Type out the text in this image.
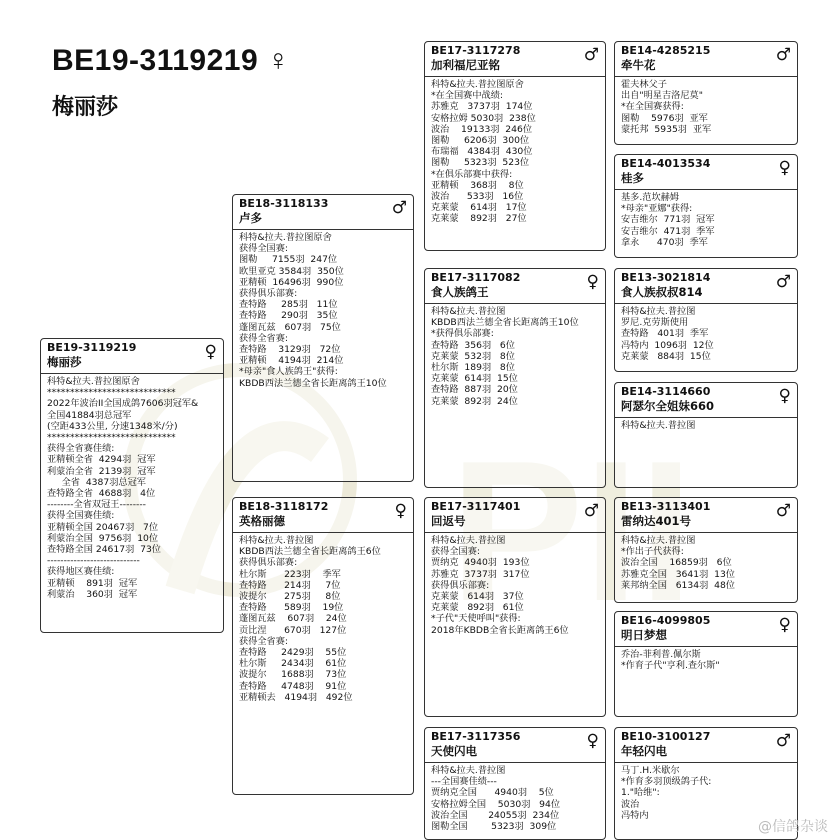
BE19-3119219 ♀
梅丽莎
BE19-3119219
梅丽莎	♀
科特&拉夫.普拉图原舍
****************************
2022年波治II全国成鸽7606羽冠军&
全国41884羽总冠军
(空距433公里, 分速1348米/分)
****************************
获得全省赛佳绩:
亚精顿全省  4294羽  冠军
利蒙治全省  2139羽  冠军
全省  4387羽总冠军
查特路全省  4688羽   4位
--------全省双冠王--------
获得全国赛佳绩:
亚精顿全国 20467羽   7位
利蒙治全国  9756羽  10位
查特路全国 24617羽  73位
----------------------------
获得地区赛佳绩:
亚精顿    891羽  冠军
利蒙治    360羽  冠军
BE18-3118133
卢多	♂
科特&拉夫.普拉图原舍
获得全国赛:
图勒     7155羽  247位
欧里亚克 3584羽  350位
亚精顿  16496羽  990位
获得俱乐部赛:
查特路     285羽   11位
查特路     290羽   35位
蓬图瓦兹   607羽   75位
获得全省赛:
查特路    3129羽   72位
亚精顿    4194羽  214位
*母亲"食人族鸽王"获得:
KBDB西法兰德全省长距离鸽王10位
BE18-3118172
英格丽德	♀
科特&拉夫.普拉图
KBDB西法兰德全省长距离鸽王6位
获得俱乐部赛:
杜尔斯      223羽    季军
查特路      214羽     7位
波提尔      275羽     8位
查特路      589羽    19位
蓬图瓦兹    607羽    24位
贡比涅      670羽   127位
获得全省赛:
查特路     2429羽    55位
杜尔斯     2434羽    61位
波提尔     1688羽    73位
查特路     4748羽    91位
亚精顿去   4194羽   492位
BE17-3117278
加利福尼亚铭	♂
科特&拉夫.普拉图原舍
*在全国赛中战绩:
苏雅克   3737羽  174位
安格拉姆 5030羽  238位
波治    19133羽  246位
图勒     6206羽  300位
布瑞福   4384羽  430位
图勒     5323羽  523位
*在俱乐部赛中获得:
亚精顿    368羽    8位
波治      533羽   16位
克莱蒙    614羽   17位
克莱蒙    892羽   27位
BE17-3117082
食人族鸽王	♀
科特&拉夫.普拉图
KBDB西法兰德全省长距离鸽王10位
*获得俱乐部赛:
查特路  356羽   6位
克莱蒙  532羽   8位
杜尔斯  189羽   8位
克莱蒙  614羽  15位
查特路  887羽  20位
克莱蒙  892羽  24位
BE17-3117401
回返号	♂
科特&拉夫.普拉图
获得全国赛:
贾纳克  4940羽  193位
苏雅克  3737羽  317位
获得俱乐部赛:
克莱蒙   614羽   37位
克莱蒙   892羽   61位
*子代"天使呼叫"获得:
2018年KBDB全省长距离鸽王6位
BE17-3117356
天使闪电	♀
科特&拉夫.普拉图
---全国赛佳绩---
贾纳克全国      4940羽    5位
安格拉姆全国    5030羽   94位
波治全国       24055羽  234位
图勒全国        5323羽  309位
BE14-4285215
牵牛花	♂
霍夫林父子
出自"明星吉洛尼莫"
*在全国赛获得:
图勒    5976羽  亚军
蒙托邦  5935羽  亚军
BE14-4013534
桂多	♀
基多.范坎赫姆
*母亲"亚娜"获得:
安吉维尔  771羽  冠军
安吉维尔  471羽  季军
拿永      470羽  季军
BE13-3021814
食人族叔叔814	♂
科特&拉夫.普拉图
罗尼.克劳斯使用
查特路   401羽  季军
冯特内  1096羽  12位
克莱蒙   884羽  15位
BE14-3114660
阿瑟尔全姐妹660	♀
科特&拉夫.普拉图
BE13-3113401
雷纳达401号	♂
科特&拉夫.普拉图
*作出子代获得:
波治全国    16859羽   6位
苏雅克全国   3641羽  13位
莱邦纳全国   6134羽  48位
BE16-4099805
明日梦想	♀
乔治-菲利普.佩尔斯
*作育子代"亨利.查尔斯"
BE10-3100127
年轻闪电	♂
马丁.H.米歇尔
*作育多羽顶级鸽子代:
1."哈维":
波治
冯特内
@信鸽杂谈
